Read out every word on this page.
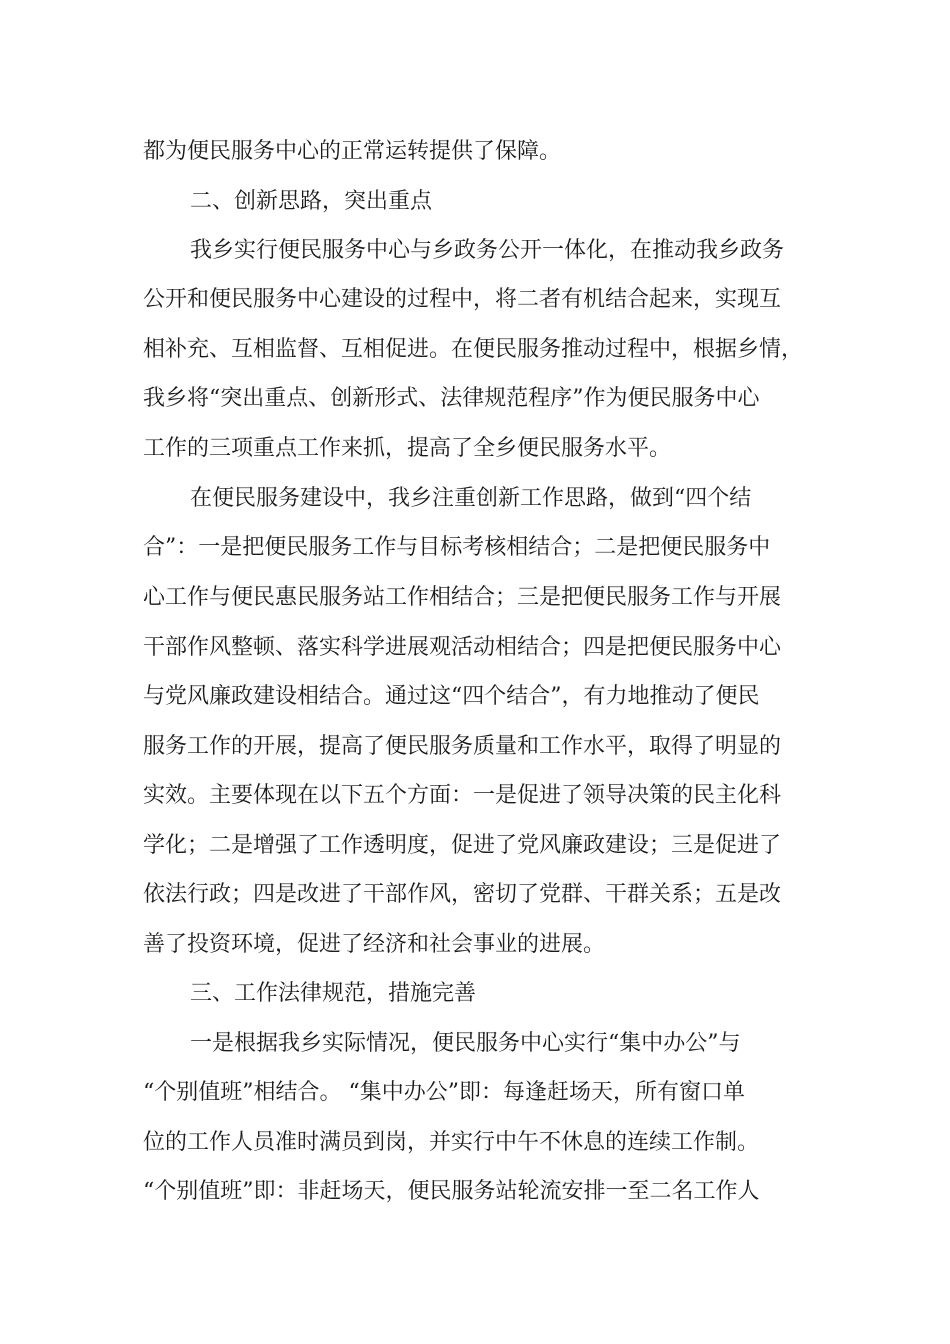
都为便民服务中心的正常运转提供了保障。
二、创新思路，突出重点
我乡实行便民服务中心与乡政务公开一体化，在推动我乡政务
公开和便民服务中心建设的过程中，将二者有机结合起来，实现互
相补充、互相监督、互相促进。在便民服务推动过程中，根据乡情，
我乡将“突出重点、创新形式、法律规范程序”作为便民服务中心
工作的三项重点工作来抓，提高了全乡便民服务水平。
在便民服务建设中，我乡注重创新工作思路，做到“四个结
合”：一是把便民服务工作与目标考核相结合；二是把便民服务中
心工作与便民惠民服务站工作相结合；三是把便民服务工作与开展
干部作风整顿、落实科学进展观活动相结合；四是把便民服务中心
与党风廉政建设相结合。通过这“四个结合”，有力地推动了便民
服务工作的开展，提高了便民服务质量和工作水平，取得了明显的
实效。主要体现在以下五个方面：一是促进了领导决策的民主化科
学化；二是增强了工作透明度，促进了党风廉政建设；三是促进了
依法行政；四是改进了干部作风，密切了党群、干群关系；五是改
善了投资环境，促进了经济和社会事业的进展。
三、工作法律规范，措施完善
一是根据我乡实际情况，便民服务中心实行“集中办公”与
“个别值班”相结合。 “集中办公”即：每逢赶场天，所有窗口单
位的工作人员准时满员到岗，并实行中午不休息的连续工作制。
“个别值班”即：非赶场天，便民服务站轮流安排一至二名工作人
